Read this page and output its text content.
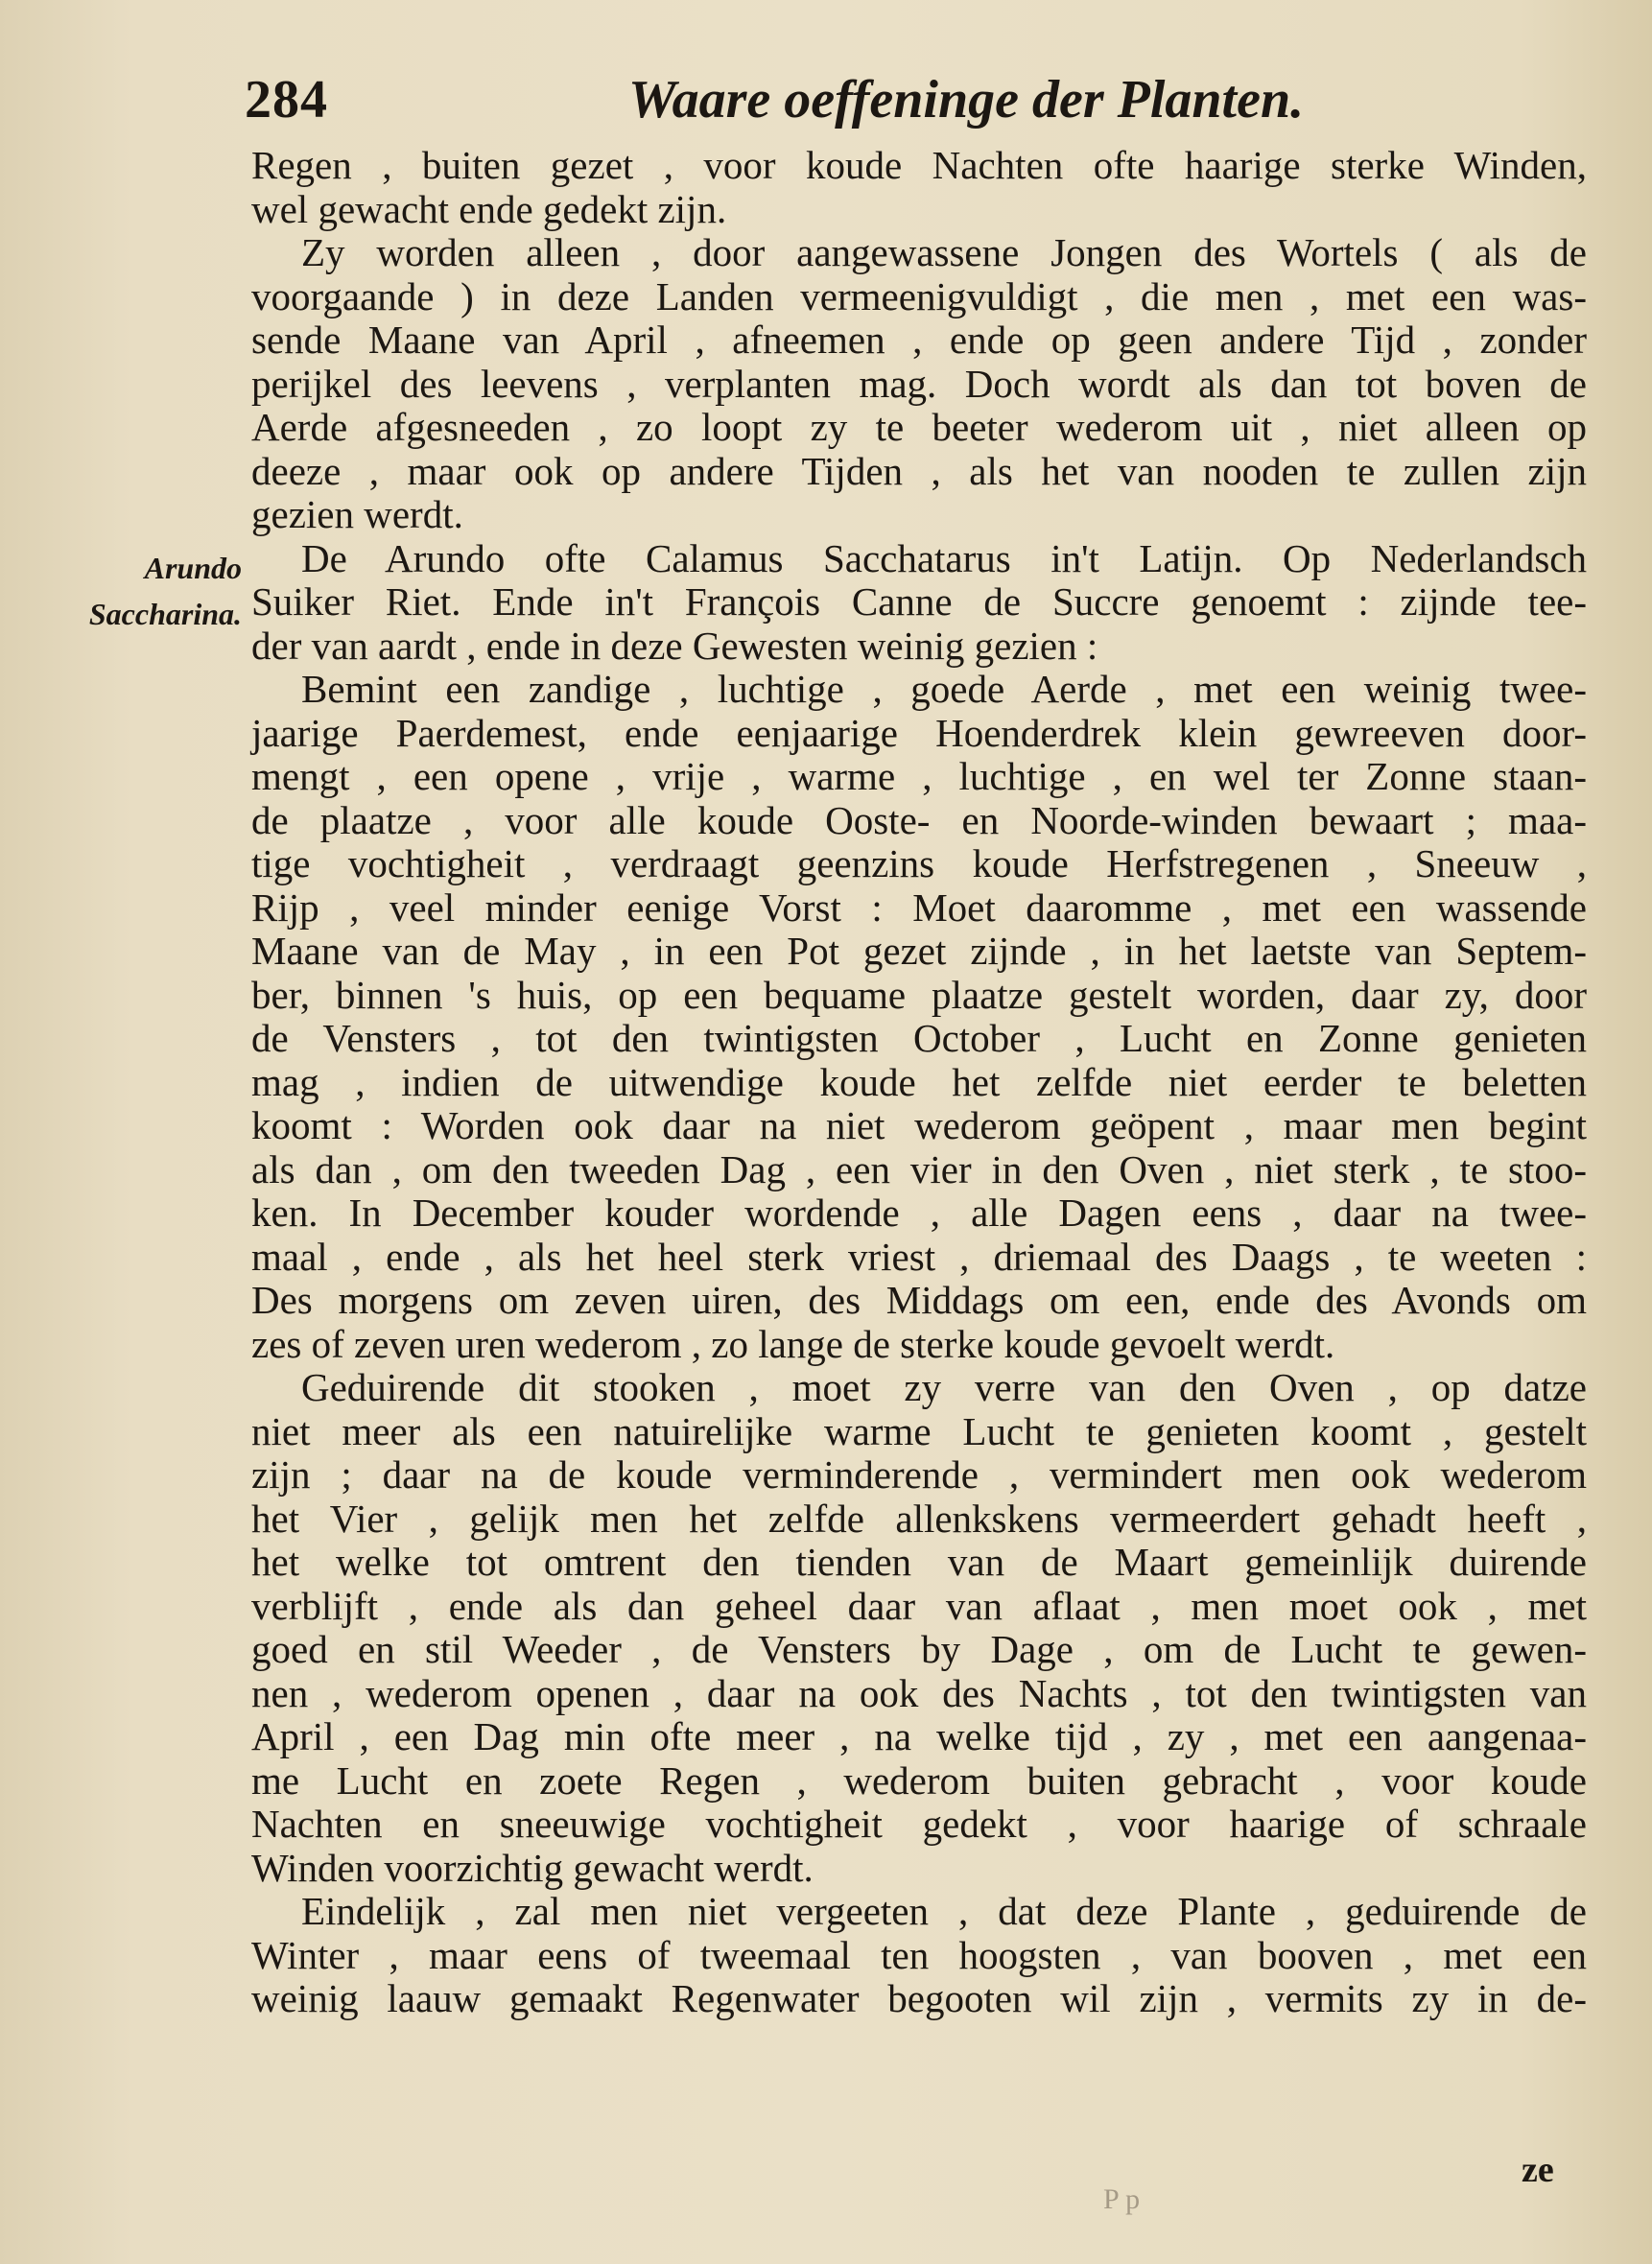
284	Waare oeffeninge der Planten.
Arundo
Saccharina.
Regen , buiten gezet , voor koude Nachten ofte haarige sterke Winden,
wel gewacht ende gedekt zijn.
Zy worden alleen , door aangewassene Jongen des Wortels ( als de
voorgaande ) in deze Landen vermeenigvuldigt , die men , met een was-
sende Maane van April , afneemen , ende op geen andere Tijd , zonder
perijkel des leevens , verplanten mag. Doch wordt als dan tot boven de
Aerde afgesneeden , zo loopt zy te beeter wederom uit , niet alleen op
deeze , maar ook op andere Tijden , als het van nooden te zullen zijn
gezien werdt.
De Arundo ofte Calamus Sacchatarus in't Latijn. Op Nederlandsch
Suiker Riet. Ende in't François Canne de Succre genoemt : zijnde tee-
der van aardt , ende in deze Gewesten weinig gezien :
Bemint een zandige , luchtige , goede Aerde , met een weinig twee-
jaarige Paerdemest, ende eenjaarige Hoenderdrek klein gewreeven door-
mengt , een opene , vrije , warme , luchtige , en wel ter Zonne staan-
de plaatze , voor alle koude Ooste- en Noorde-winden bewaart ; maa-
tige vochtigheit , verdraagt geenzins koude Herfstregenen , Sneeuw ,
Rijp , veel minder eenige Vorst : Moet daaromme , met een wassende
Maane van de May , in een Pot gezet zijnde , in het laetste van Septem-
ber, binnen 's huis, op een bequame plaatze gestelt worden, daar zy, door
de Vensters , tot den twintigsten October , Lucht en Zonne genieten
mag , indien de uitwendige koude het zelfde niet eerder te beletten
koomt : Worden ook daar na niet wederom geöpent , maar men begint
als dan , om den tweeden Dag , een vier in den Oven , niet sterk , te stoo-
ken. In December kouder wordende , alle Dagen eens , daar na twee-
maal , ende , als het heel sterk vriest , driemaal des Daags , te weeten :
Des morgens om zeven uiren, des Middags om een, ende des Avonds om
zes of zeven uren wederom , zo lange de sterke koude gevoelt werdt.
Geduirende dit stooken , moet zy verre van den Oven , op datze
niet meer als een natuirelijke warme Lucht te genieten koomt , gestelt
zijn ; daar na de koude verminderende , vermindert men ook wederom
het Vier , gelijk men het zelfde allenkskens vermeerdert gehadt heeft ,
het welke tot omtrent den tienden van de Maart gemeinlijk duirende
verblijft , ende als dan geheel daar van aflaat , men moet ook , met
goed en stil Weeder , de Vensters by Dage , om de Lucht te gewen-
nen , wederom openen , daar na ook des Nachts , tot den twintigsten van
April , een Dag min ofte meer , na welke tijd , zy , met een aangenaa-
me Lucht en zoete Regen , wederom buiten gebracht , voor koude
Nachten en sneeuwige vochtigheit gedekt , voor haarige of schraale
Winden voorzichtig gewacht werdt.
Eindelijk , zal men niet vergeeten , dat deze Plante , geduirende de
Winter , maar eens of tweemaal ten hoogsten , van booven , met een
weinig laauw gemaakt Regenwater begooten wil zijn , vermits zy in de-
P p
ze
